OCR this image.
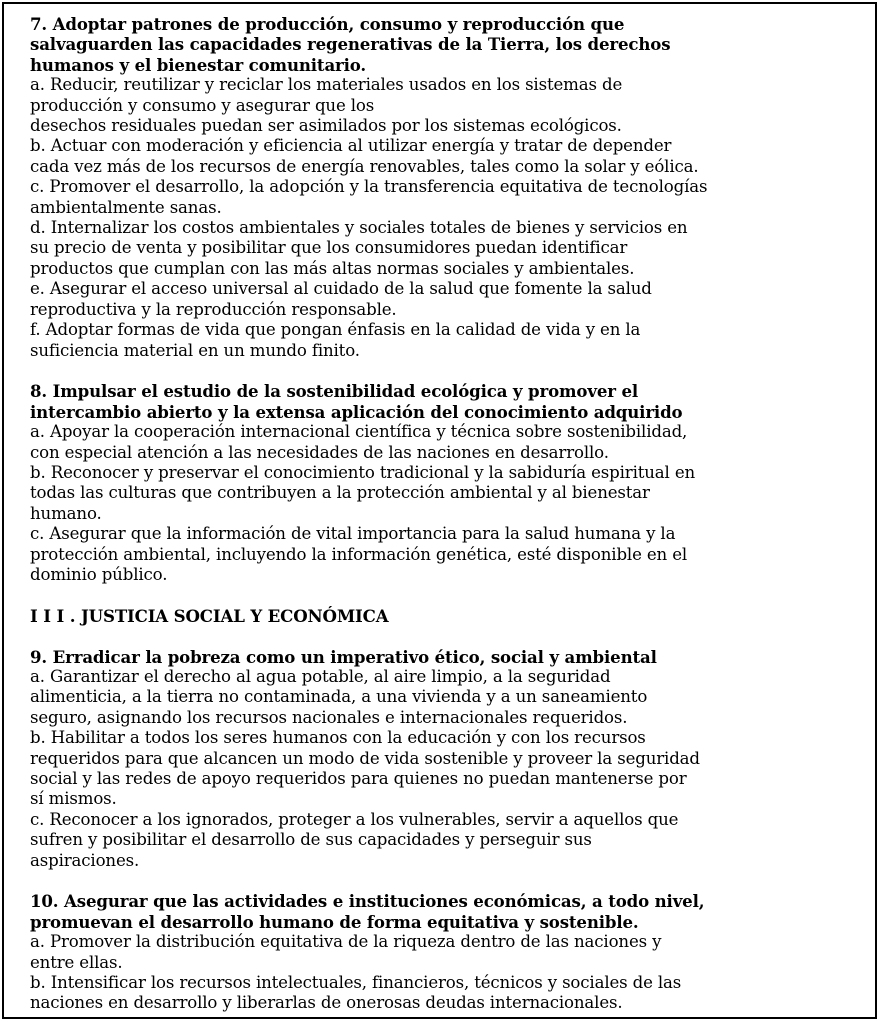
7. Adoptar patrones de producción, consumo y reproducción que
salvaguarden las capacidades regenerativas de la Tierra, los derechos
humanos y el bienestar comunitario.
a. Reducir, reutilizar y reciclar los materiales usados en los sistemas de
producción y consumo y asegurar que los
desechos residuales puedan ser asimilados por los sistemas ecológicos.
b. Actuar con moderación y eficiencia al utilizar energía y tratar de depender
cada vez más de los recursos de energía renovables, tales como la solar y eólica.
c. Promover el desarrollo, la adopción y la transferencia equitativa de tecnologías
ambientalmente sanas.
d. Internalizar los costos ambientales y sociales totales de bienes y servicios en
su precio de venta y posibilitar que los consumidores puedan identificar
productos que cumplan con las más altas normas sociales y ambientales.
e. Asegurar el acceso universal al cuidado de la salud que fomente la salud
reproductiva y la reproducción responsable.
f. Adoptar formas de vida que pongan énfasis en la calidad de vida y en la
suficiencia material en un mundo finito.
8. Impulsar el estudio de la sostenibilidad ecológica y promover el
intercambio abierto y la extensa aplicación del conocimiento adquirido
a. Apoyar la cooperación internacional científica y técnica sobre sostenibilidad,
con especial atención a las necesidades de las naciones en desarrollo.
b. Reconocer y preservar el conocimiento tradicional y la sabiduría espiritual en
todas las culturas que contribuyen a la protección ambiental y al bienestar
humano.
c. Asegurar que la información de vital importancia para la salud humana y la
protección ambiental, incluyendo la información genética, esté disponible en el
dominio público.
I I I . JUSTICIA SOCIAL Y ECONÓMICA
9. Erradicar la pobreza como un imperativo ético, social y ambiental
a. Garantizar el derecho al agua potable, al aire limpio, a la seguridad
alimenticia, a la tierra no contaminada, a una vivienda y a un saneamiento
seguro, asignando los recursos nacionales e internacionales requeridos.
b. Habilitar a todos los seres humanos con la educación y con los recursos
requeridos para que alcancen un modo de vida sostenible y proveer la seguridad
social y las redes de apoyo requeridos para quienes no puedan mantenerse por
sí mismos.
c. Reconocer a los ignorados, proteger a los vulnerables, servir a aquellos que
sufren y posibilitar el desarrollo de sus capacidades y perseguir sus
aspiraciones.
10. Asegurar que las actividades e instituciones económicas, a todo nivel,
promuevan el desarrollo humano de forma equitativa y sostenible.
a. Promover la distribución equitativa de la riqueza dentro de las naciones y
entre ellas.
b. Intensificar los recursos intelectuales, financieros, técnicos y sociales de las
naciones en desarrollo y liberarlas de onerosas deudas internacionales.
